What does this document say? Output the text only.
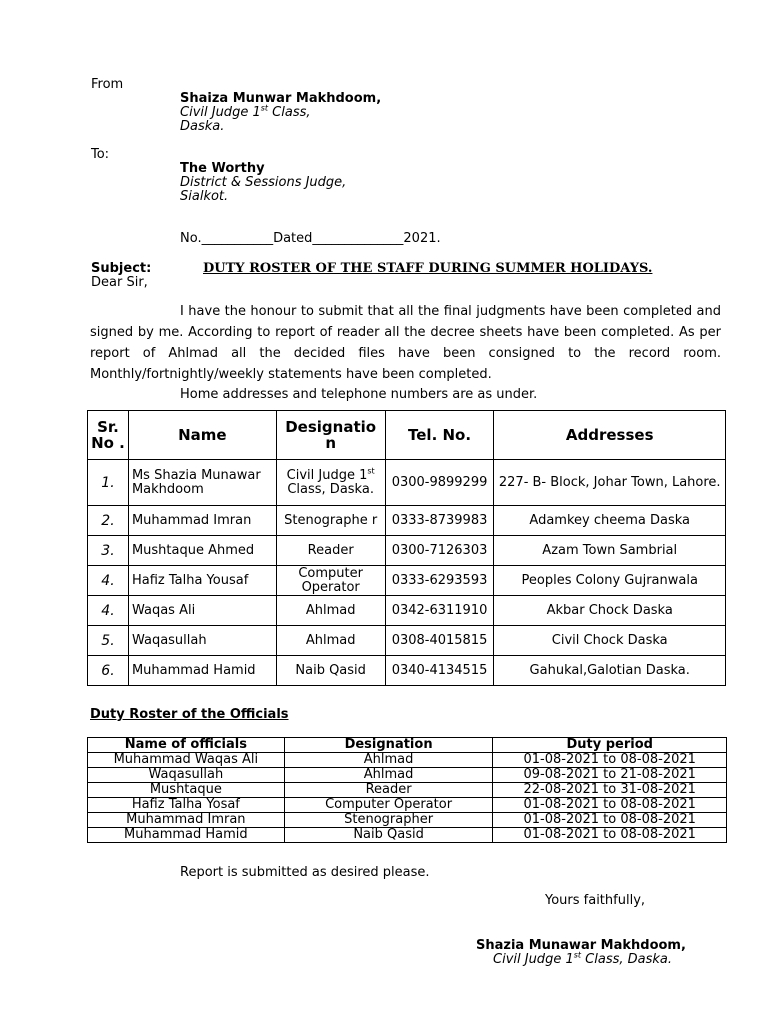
From
Shaiza Munwar Makhdoom,
Civil Judge 1st Class,
Daska.
To:
The Worthy
District & Sessions Judge,
Sialkot.
No.___________Dated______________2021.
Subject:	DUTY ROSTER OF THE STAFF DURING SUMMER HOLIDAYS.
Dear Sir,
I have the honour to submit that all the final judgments have been completed and signed by me. According to report of reader all the decree sheets have been completed. As per report of Ahlmad all the decided files have been consigned to the record room. Monthly/fortnightly/weekly statements have been completed.
Home addresses and telephone numbers are as under.
Sr. No .	Name	Designatio n	Tel. No.	Addresses
1.	Ms Shazia Munawar Makhdoom	Civil Judge 1st Class, Daska.	0300-9899299	227- B- Block, Johar Town, Lahore.
2.	Muhammad Imran	Stenographe r	0333-8739983	Adamkey cheema Daska
3.	Mushtaque Ahmed	Reader	0300-7126303	Azam Town Sambrial
4.	Hafiz Talha Yousaf	Computer Operator	0333-6293593	Peoples Colony Gujranwala
4.	Waqas Ali	Ahlmad	0342-6311910	Akbar Chock Daska
5.	Waqasullah	Ahlmad	0308-4015815	Civil Chock Daska
6.	Muhammad Hamid	Naib Qasid	0340-4134515	Gahukal,Galotian Daska.
Duty Roster of the Officials
Name of officials	Designation	Duty period
Muhammad Waqas Ali	Ahlmad	01-08-2021 to 08-08-2021
Waqasullah	Ahlmad	09-08-2021 to 21-08-2021
Mushtaque	Reader	22-08-2021 to 31-08-2021
Hafiz Talha Yosaf	Computer Operator	01-08-2021 to 08-08-2021
Muhammad Imran	Stenographer	01-08-2021 to 08-08-2021
Muhammad Hamid	Naib Qasid	01-08-2021 to 08-08-2021
Report is submitted as desired please.
Yours faithfully,
Shazia Munawar Makhdoom,
Civil Judge 1st Class, Daska.
